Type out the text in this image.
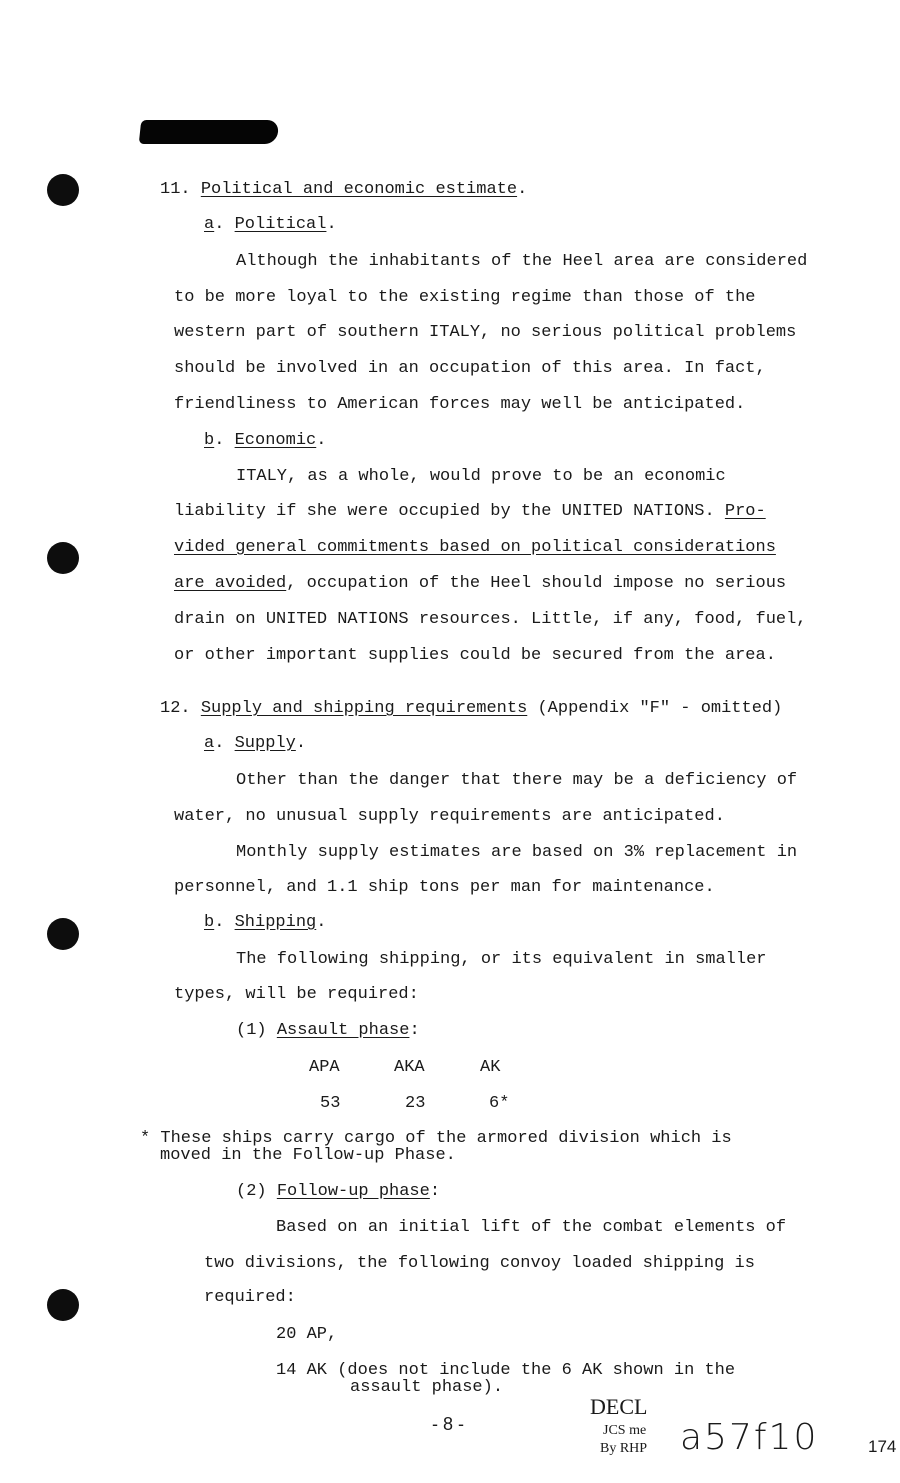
11. Political and economic estimate.
a. Political.
Although the inhabitants of the Heel area are considered
to be more loyal to the existing regime than those of the
western part of southern ITALY, no serious political problems
should be involved in an occupation of this area. In fact,
friendliness to American forces may well be anticipated.
b. Economic.
ITALY, as a whole, would prove to be an economic
liability if she were occupied by the UNITED NATIONS. Pro-
vided general commitments based on political considerations
are avoided, occupation of the Heel should impose no serious
drain on UNITED NATIONS resources. Little, if any, food, fuel,
or other important supplies could be secured from the area.
12. Supply and shipping requirements (Appendix "F" - omitted)
a. Supply.
Other than the danger that there may be a deficiency of
water, no unusual supply requirements are anticipated.
Monthly supply estimates are based on 3% replacement in
personnel, and 1.1 ship tons per man for maintenance.
b. Shipping.
The following shipping, or its equivalent in smaller
types, will be required:
(1) Assault phase:
APA	AKA	AK
53	23	6*
* These ships carry cargo of the armored division which is
moved in the Follow-up Phase.
(2) Follow-up phase:
Based on an initial lift of the combat elements of
two divisions, the following convoy loaded shipping is
required:
20 AP,
14 AK (does not include the 6 AK shown in the
assault phase).
- 8 -
DECL
JCS me
By RHP a57f10	174
